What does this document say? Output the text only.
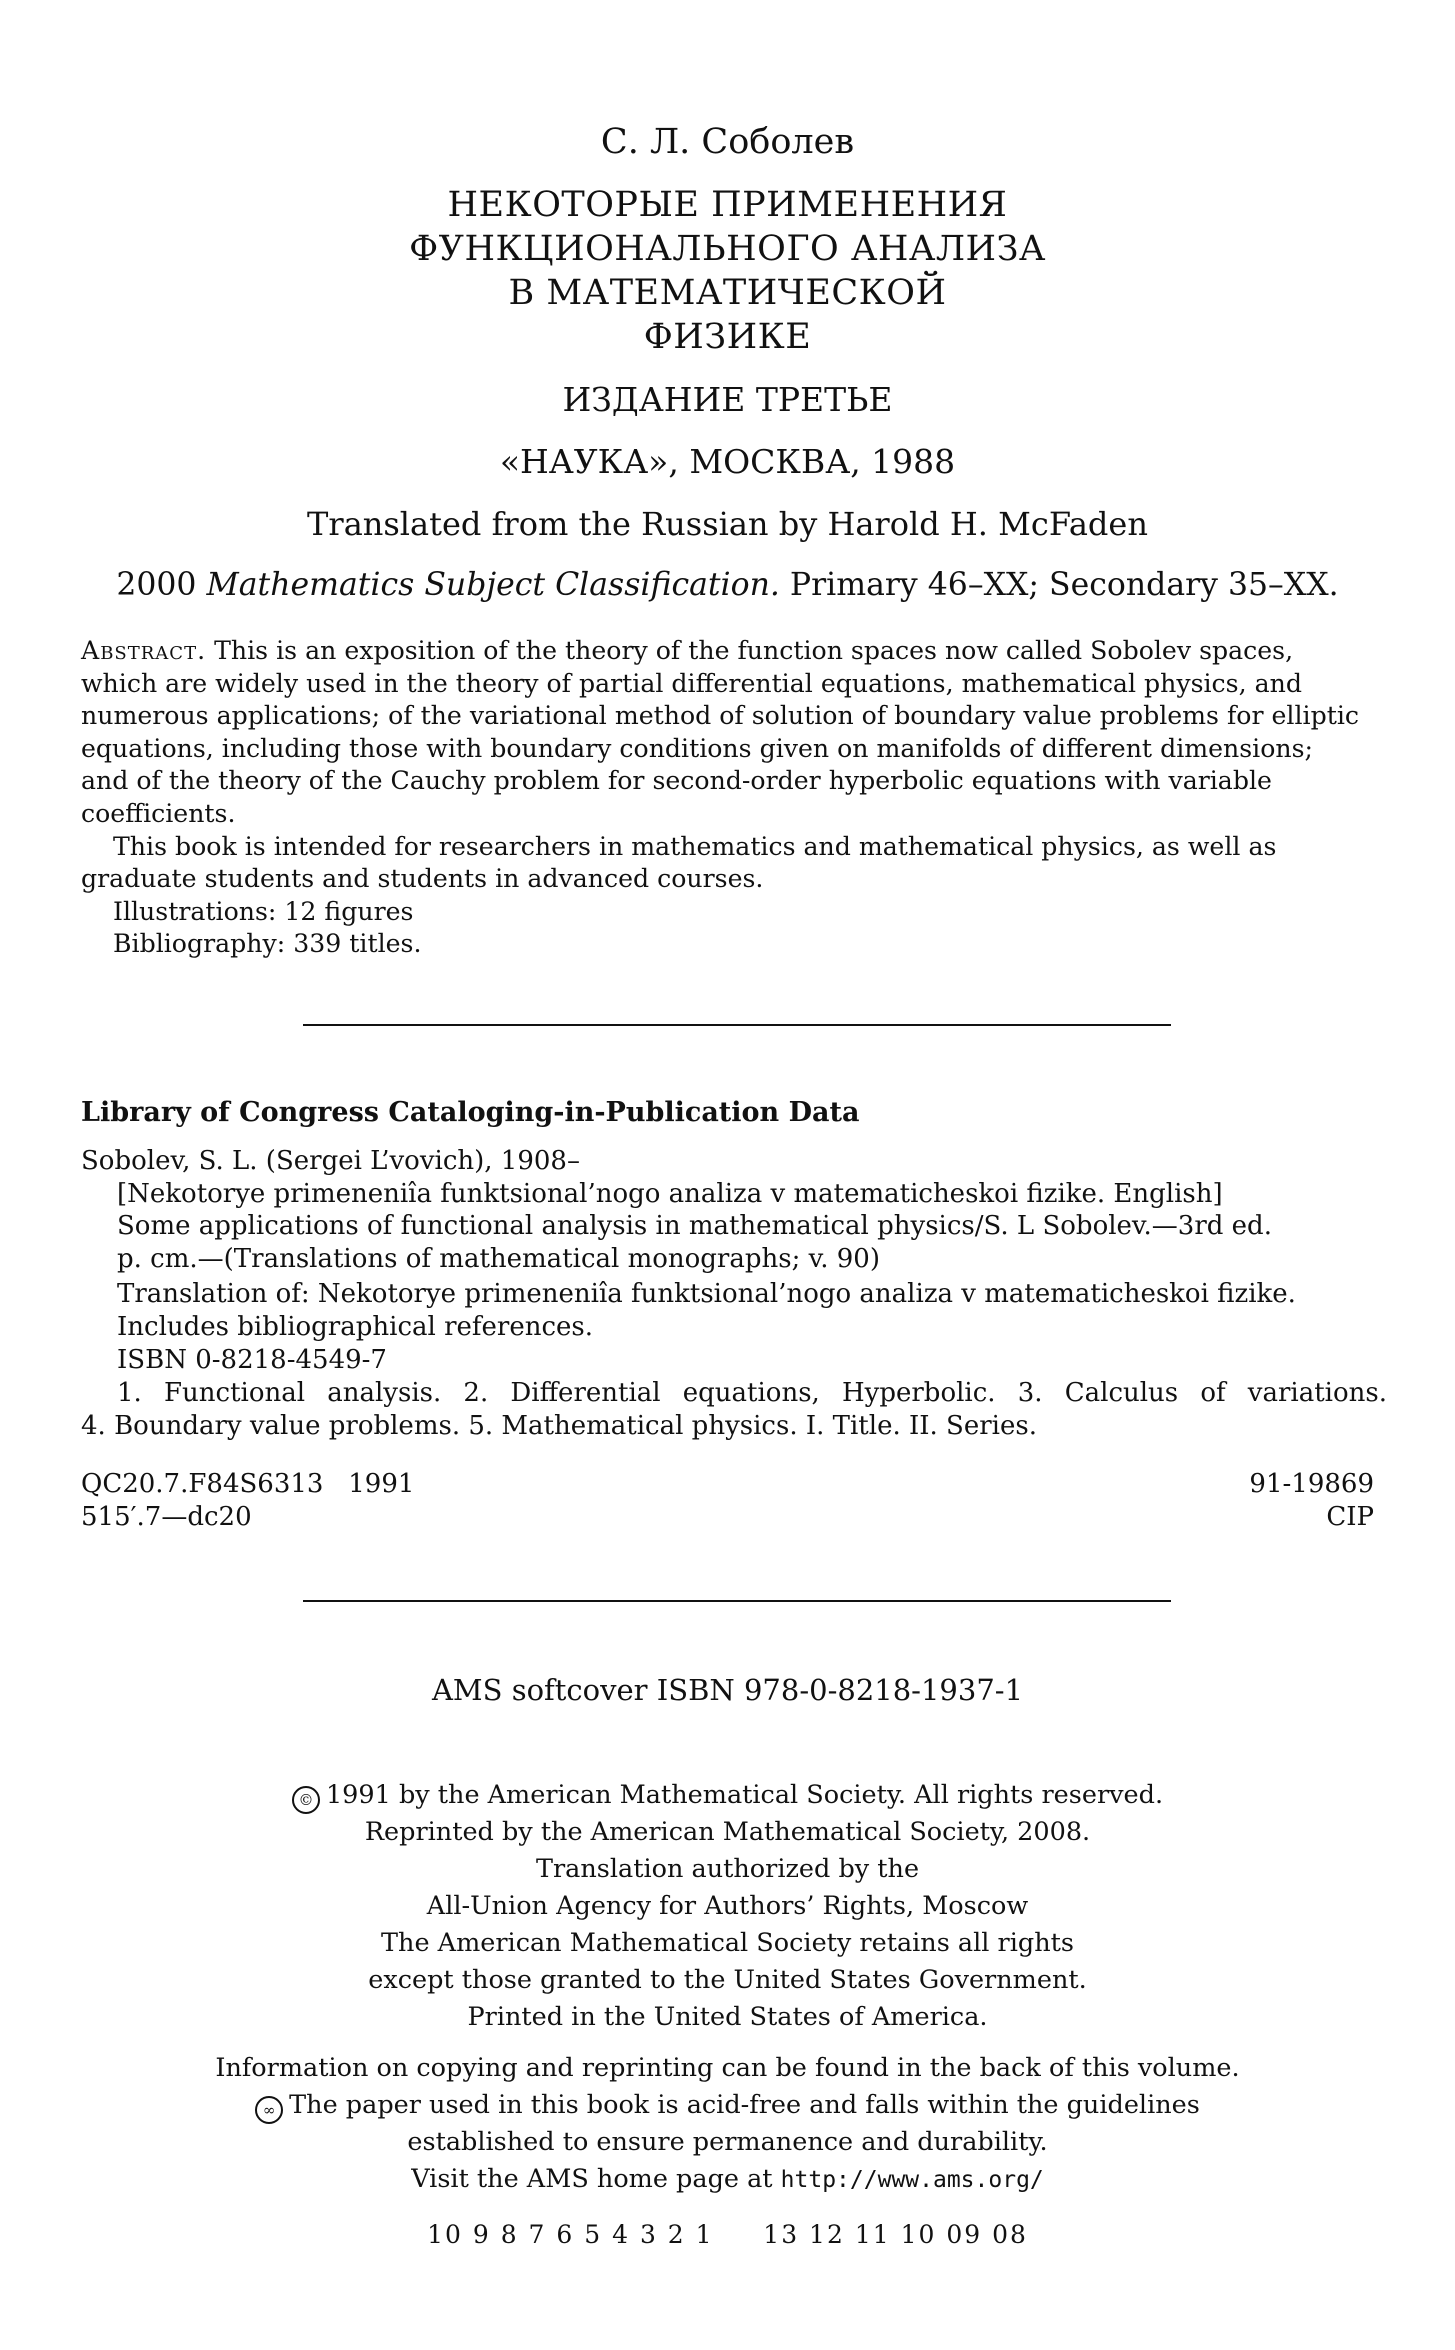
С. Л. Соболев
НЕКОТОРЫЕ ПРИМЕНЕНИЯ
ФУНКЦИОНАЛЬНОГО АНАЛИЗА
В МАТЕМАТИЧЕСКОЙ
ФИЗИКЕ
ИЗДАНИЕ ТРЕТЬЕ
«НАУКА», МОСКВА, 1988
Translated from the Russian by Harold H. McFaden
2000 Mathematics Subject Classification. Primary 46–XX; Secondary 35–XX.
Abstract. This is an exposition of the theory of the function spaces now called Sobolev spaces,
which are widely used in the theory of partial differential equations, mathematical physics, and
numerous applications; of the variational method of solution of boundary value problems for elliptic
equations, including those with boundary conditions given on manifolds of different dimensions;
and of the theory of the Cauchy problem for second-order hyperbolic equations with variable
coefficients.
This book is intended for researchers in mathematics and mathematical physics, as well as
graduate students and students in advanced courses.
Illustrations: 12 figures
Bibliography: 339 titles.
Library of Congress Cataloging-in-Publication Data
Sobolev, S. L. (Sergei L’vovich), 1908–
[Nekotorye primeneniîa funktsional’nogo analiza v matematicheskoi fizike. English]
Some applications of functional analysis in mathematical physics/S. L Sobolev.—3rd ed.
p. cm.—(Translations of mathematical monographs; v. 90)
Translation of: Nekotorye primeneniîa funktsional’nogo analiza v matematicheskoi fizike.
Includes bibliographical references.
ISBN 0-8218-4549-7
1. Functional analysis. 2. Differential equations, Hyperbolic. 3. Calculus of variations.
4. Boundary value problems. 5. Mathematical physics. I. Title. II. Series.
QC20.7.F84S6313 1991
515′.7—dc20
91-19869
CIP
AMS softcover ISBN 978-0-8218-1937-1
© 1991 by the American Mathematical Society. All rights reserved.
Reprinted by the American Mathematical Society, 2008.
Translation authorized by the
All-Union Agency for Authors’ Rights, Moscow
The American Mathematical Society retains all rights
except those granted to the United States Government.
Printed in the United States of America.
Information on copying and reprinting can be found in the back of this volume.
∞ The paper used in this book is acid-free and falls within the guidelines
established to ensure permanence and durability.
Visit the AMS home page at http://www.ams.org/
10 9 8 7 6 5 4 3 2 1 13 12 11 10 09 08
